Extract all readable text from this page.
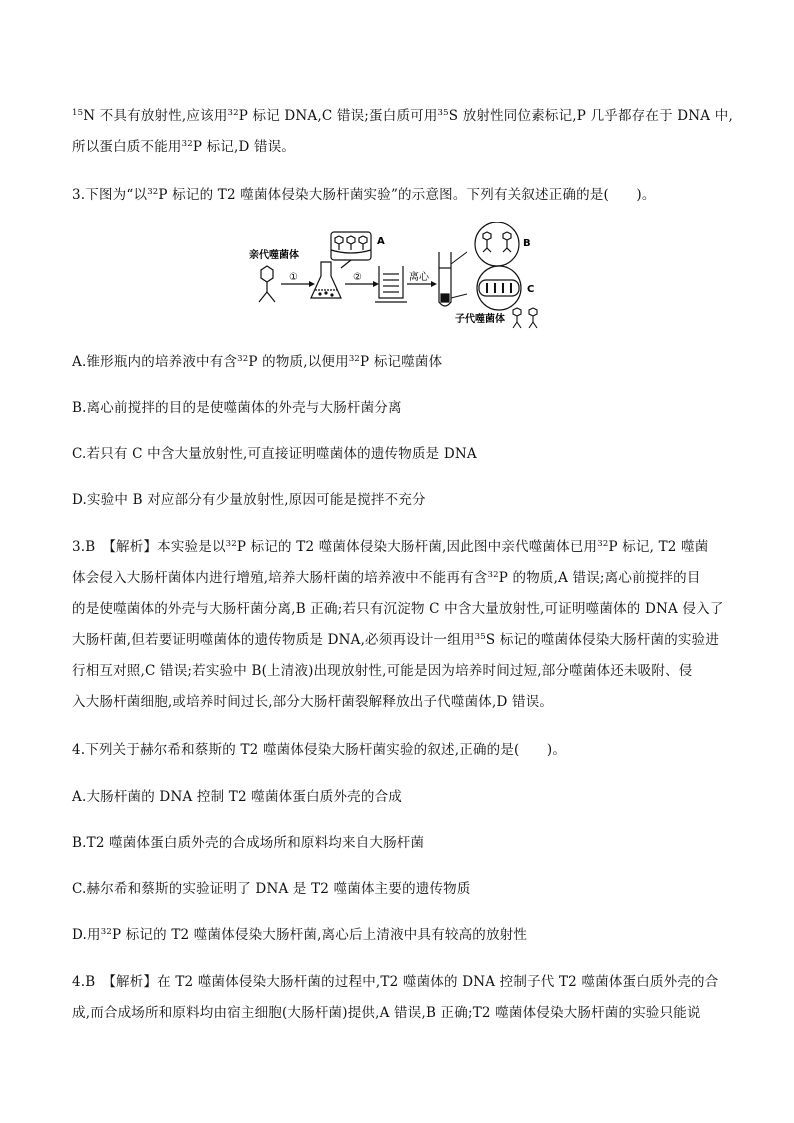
$^{15}$N 不具有放射性,应该用$^{32}$P 标记 DNA,C 错误;蛋白质可用$^{35}$S 放射性同位素标记,P 几乎都存在于 DNA 中,
所以蛋白质不能用$^{32}$P 标记,D 错误。
3.下图为“以$^{32}$P 标记的 T2 噬菌体侵染大肠杆菌实验”的示意图。下列有关叙述正确的是(　　)。
亲代噬菌体
①	②
A
离心
B
C
子代噬菌体
A.锥形瓶内的培养液中有含$^{32}$P 的物质,以便用$^{32}$P 标记噬菌体
B.离心前搅拌的目的是使噬菌体的外壳与大肠杆菌分离
C.若只有 C 中含大量放射性,可直接证明噬菌体的遗传物质是 DNA
D.实验中 B 对应部分有少量放射性,原因可能是搅拌不充分
3.B　【解析】本实验是以$^{32}$P 标记的 T2 噬菌体侵染大肠杆菌,因此图中亲代噬菌体已用$^{32}$P 标记, T2 噬菌
体会侵入大肠杆菌体内进行增殖,培养大肠杆菌的培养液中不能再有含$^{32}$P 的物质,A 错误;离心前搅拌的目
的是使噬菌体的外壳与大肠杆菌分离,B 正确;若只有沉淀物 C 中含大量放射性,可证明噬菌体的 DNA 侵入了
大肠杆菌,但若要证明噬菌体的遗传物质是 DNA,必须再设计一组用$^{35}$S 标记的噬菌体侵染大肠杆菌的实验进
行相互对照,C 错误;若实验中 B(上清液)出现放射性,可能是因为培养时间过短,部分噬菌体还未吸附、侵
入大肠杆菌细胞,或培养时间过长,部分大肠杆菌裂解释放出子代噬菌体,D 错误。
4.下列关于赫尔希和蔡斯的 T2 噬菌体侵染大肠杆菌实验的叙述,正确的是(　　)。
A.大肠杆菌的 DNA 控制 T2 噬菌体蛋白质外壳的合成
B.T2 噬菌体蛋白质外壳的合成场所和原料均来自大肠杆菌
C.赫尔希和蔡斯的实验证明了 DNA 是 T2 噬菌体主要的遗传物质
D.用$^{32}$P 标记的 T2 噬菌体侵染大肠杆菌,离心后上清液中具有较高的放射性
4.B　【解析】在 T2 噬菌体侵染大肠杆菌的过程中,T2 噬菌体的 DNA 控制子代 T2 噬菌体蛋白质外壳的合
成,而合成场所和原料均由宿主细胞(大肠杆菌)提供,A 错误,B 正确;T2 噬菌体侵染大肠杆菌的实验只能说
